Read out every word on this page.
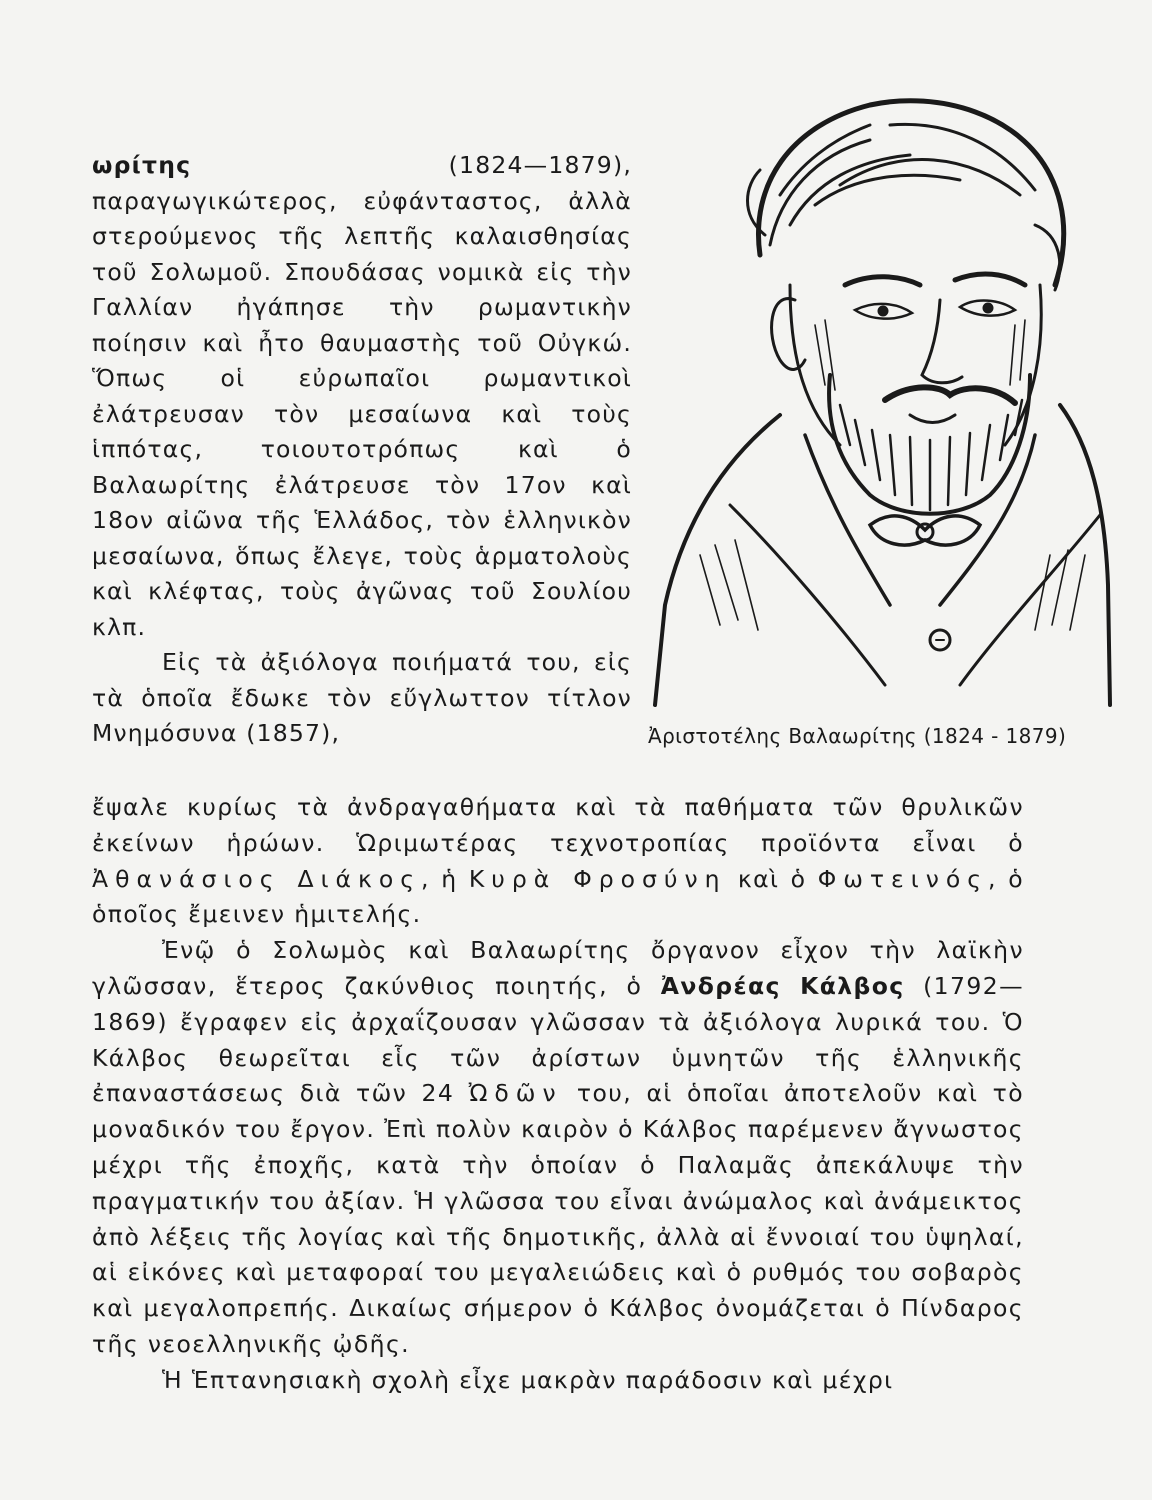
ωρίτης (1824—1879), παραγωγικώτερος, εὐφάνταστος, ἀλλὰ στερούμενος τῆς λεπτῆς καλαισθησίας τοῦ Σολωμοῦ. Σπουδάσας νομικὰ εἰς τὴν Γαλλίαν ἠγάπησε τὴν ρωμαντικὴν ποίησιν καὶ ἦτο θαυμαστὴς τοῦ Οὐγκώ. Ὅπως οἱ εὐρωπαῖοι ρωμαντικοὶ ἐλάτρευσαν τὸν μεσαίωνα καὶ τοὺς ἱππότας, τοιουτοτρόπως καὶ ὁ Βαλαωρίτης ἐλάτρευσε τὸν 17ον καὶ 18ον αἰῶνα τῆς Ἑλλάδος, τὸν ἑλληνικὸν μεσαίωνα, ὅπως ἔλεγε, τοὺς ἁρματολοὺς καὶ κλέφτας, τοὺς ἀγῶνας τοῦ Σουλίου κλπ.

Εἰς τὰ ἀξιόλογα ποιήματά του, εἰς τὰ ὁποῖα ἔδωκε τὸν εὔγλωττον τίτλον Μνημόσυνα (1857),	Ἀριστοτέλης Βαλαωρίτης (1824 - 1879)

ἔψαλε κυρίως τὰ ἀνδραγαθήματα καὶ τὰ παθήματα τῶν θρυλικῶν ἐκείνων ἡρώων. Ὡριμωτέρας τεχνοτροπίας προϊόντα εἶναι ὁ Ἀθανάσιος Διάκος, ἡ Κυρὰ Φροσύνη καὶ ὁ Φωτεινός, ὁ ὁποῖος ἔμεινεν ἡμιτελής.

Ἐνῷ ὁ Σολωμὸς καὶ Βαλαωρίτης ὄργανον εἶχον τὴν λαϊκὴν γλῶσσαν, ἕτερος ζακύνθιος ποιητής, ὁ Ἀνδρέας Κάλβος (1792—1869) ἔγραφεν εἰς ἀρχαΐζουσαν γλῶσσαν τὰ ἀξιόλογα λυρικά του. Ὁ Κάλβος θεωρεῖται εἷς τῶν ἀρίστων ὑμνητῶν τῆς ἑλληνικῆς ἐπαναστάσεως διὰ τῶν 24 Ὠδῶν του, αἱ ὁποῖαι ἀποτελοῦν καὶ τὸ μοναδικόν του ἔργον. Ἐπὶ πολὺν καιρὸν ὁ Κάλβος παρέμενεν ἄγνωστος μέχρι τῆς ἐποχῆς, κατὰ τὴν ὁποίαν ὁ Παλαμᾶς ἀπεκάλυψε τὴν πραγματικήν του ἀξίαν. Ἡ γλῶσσα του εἶναι ἀνώμαλος καὶ ἀνάμεικτος ἀπὸ λέξεις τῆς λογίας καὶ τῆς δημοτικῆς, ἀλλὰ αἱ ἔννοιαί του ὑψηλαί, αἱ εἰκόνες καὶ μεταφοραί του μεγαλειώδεις καὶ ὁ ρυθμός του σοβαρὸς καὶ μεγαλοπρεπής. Δικαίως σήμερον ὁ Κάλβος ὀνομάζεται ὁ Πίνδαρος τῆς νεοελληνικῆς ᾠδῆς.

Ἡ Ἑπτανησιακὴ σχολὴ εἶχε μακρὰν παράδοσιν καὶ μέχρι
